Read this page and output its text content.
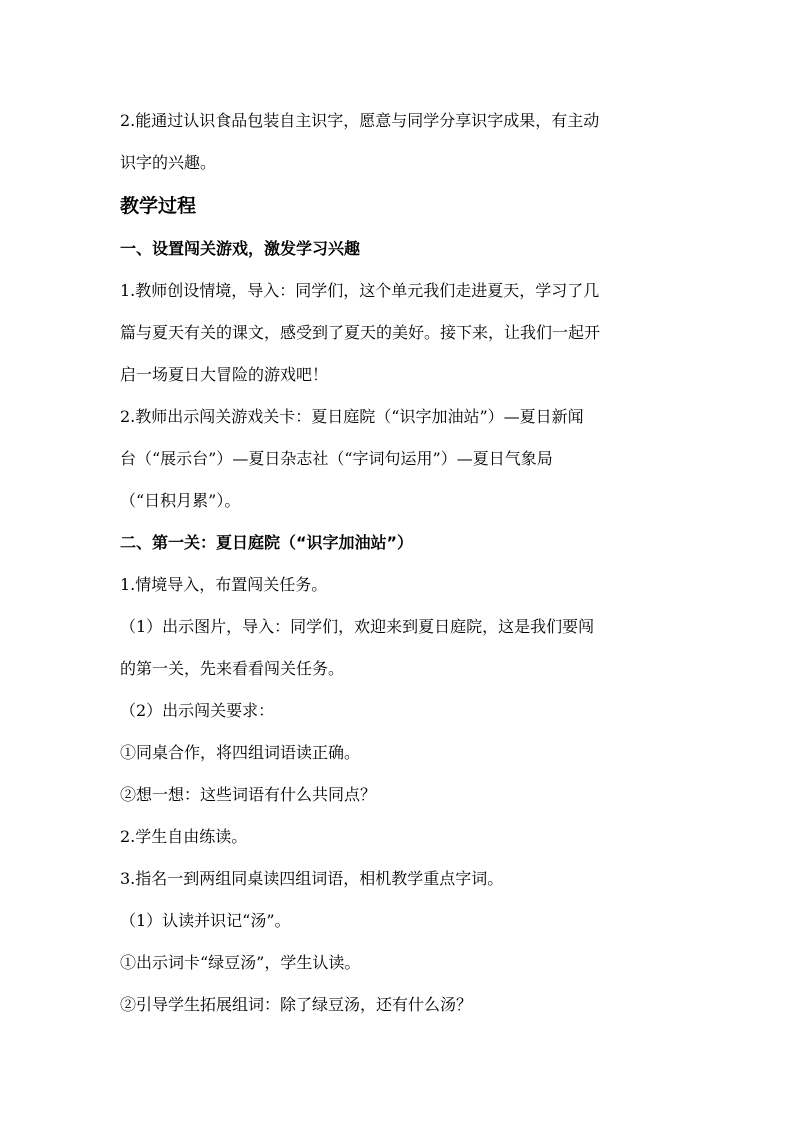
2.能通过认识食品包装自主识字，愿意与同学分享识字成果，有主动
识字的兴趣。

教学过程

一、设置闯关游戏，激发学习兴趣

1.教师创设情境，导入：同学们，这个单元我们走进夏天，学习了几
篇与夏天有关的课文，感受到了夏天的美好。接下来，让我们一起开
启一场夏日大冒险的游戏吧！

2.教师出示闯关游戏关卡：夏日庭院（“识字加油站”）—夏日新闻
台（“展示台”）—夏日杂志社（“字词句运用”）—夏日气象局
（“日积月累”）。

二、第一关：夏日庭院（“识字加油站”）

1.情境导入，布置闯关任务。

（1）出示图片，导入：同学们，欢迎来到夏日庭院，这是我们要闯
的第一关，先来看看闯关任务。

（2）出示闯关要求：

①同桌合作，将四组词语读正确。

②想一想：这些词语有什么共同点？

2.学生自由练读。

3.指名一到两组同桌读四组词语，相机教学重点字词。

（1）认读并识记“汤”。

①出示词卡“绿豆汤”，学生认读。

②引导学生拓展组词：除了绿豆汤，还有什么汤？
